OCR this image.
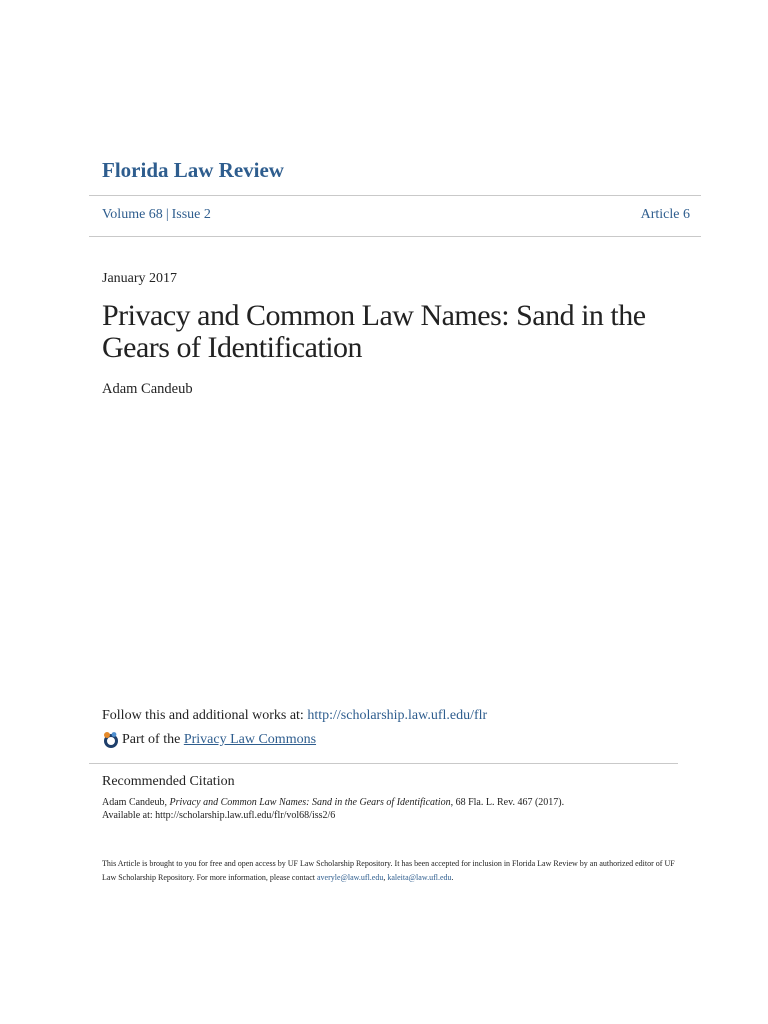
Florida Law Review
Volume 68 | Issue 2	Article 6
January 2017
Privacy and Common Law Names: Sand in the Gears of Identification
Adam Candeub
Follow this and additional works at: http://scholarship.law.ufl.edu/flr
Part of the
Privacy Law Commons
Recommended Citation
Adam Candeub, Privacy and Common Law Names: Sand in the Gears of Identification, 68 Fla. L. Rev. 467 (2017).
Available at: http://scholarship.law.ufl.edu/flr/vol68/iss2/6
This Article is brought to you for free and open access by UF Law Scholarship Repository. It has been accepted for inclusion in Florida Law Review by an authorized editor of UF Law Scholarship Repository. For more information, please contact averyle@law.ufl.edu, kaleita@law.ufl.edu.
